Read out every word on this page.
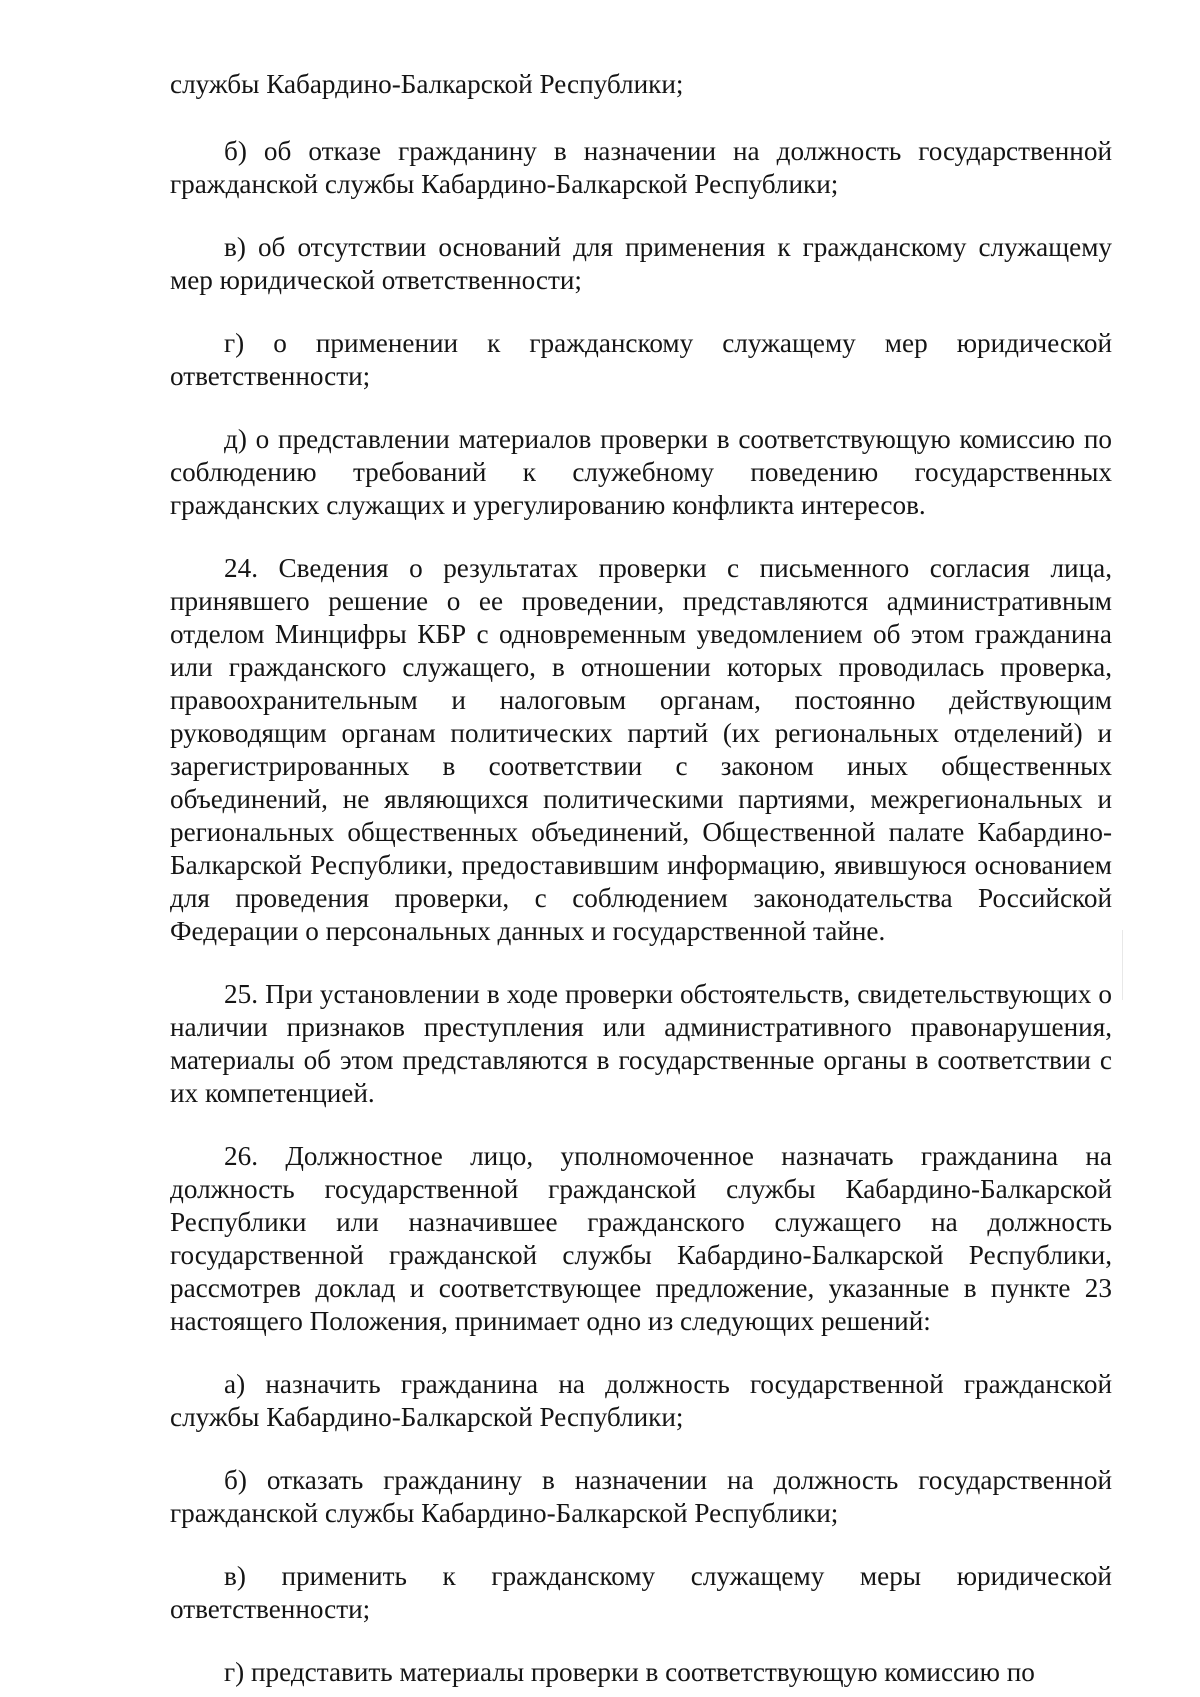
службы Кабардино-Балкарской Республики;

б) об отказе гражданину в назначении на должность государственной гражданской службы Кабардино-Балкарской Республики;

в) об отсутствии оснований для применения к гражданскому служащему мер юридической ответственности;

г) о применении к гражданскому служащему мер юридической ответственности;

д) о представлении материалов проверки в соответствующую комиссию по соблюдению требований к служебному поведению государственных гражданских служащих и урегулированию конфликта интересов.

24. Сведения о результатах проверки с письменного согласия лица, принявшего решение о ее проведении, представляются административным отделом Минцифры КБР с одновременным уведомлением об этом гражданина или гражданского служащего, в отношении которых проводилась проверка, правоохранительным и налоговым органам, постоянно действующим руководящим органам политических партий (их региональных отделений) и зарегистрированных в соответствии с законом иных общественных объединений, не являющихся политическими партиями, межрегиональных и региональных общественных объединений, Общественной палате Кабардино-Балкарской Республики, предоставившим информацию, явившуюся основанием для проведения проверки, с соблюдением законодательства Российской Федерации о персональных данных и государственной тайне.

25. При установлении в ходе проверки обстоятельств, свидетельствующих о наличии признаков преступления или административного правонарушения, материалы об этом представляются в государственные органы в соответствии с их компетенцией.

26. Должностное лицо, уполномоченное назначать гражданина на должность государственной гражданской службы Кабардино-Балкарской Республики или назначившее гражданского служащего на должность государственной гражданской службы Кабардино-Балкарской Республики, рассмотрев доклад и соответствующее предложение, указанные в пункте 23 настоящего Положения, принимает одно из следующих решений:

а) назначить гражданина на должность государственной гражданской службы Кабардино-Балкарской Республики;

б) отказать гражданину в назначении на должность государственной гражданской службы Кабардино-Балкарской Республики;

в) применить к гражданскому служащему меры юридической ответственности;

г) представить материалы проверки в соответствующую комиссию по
